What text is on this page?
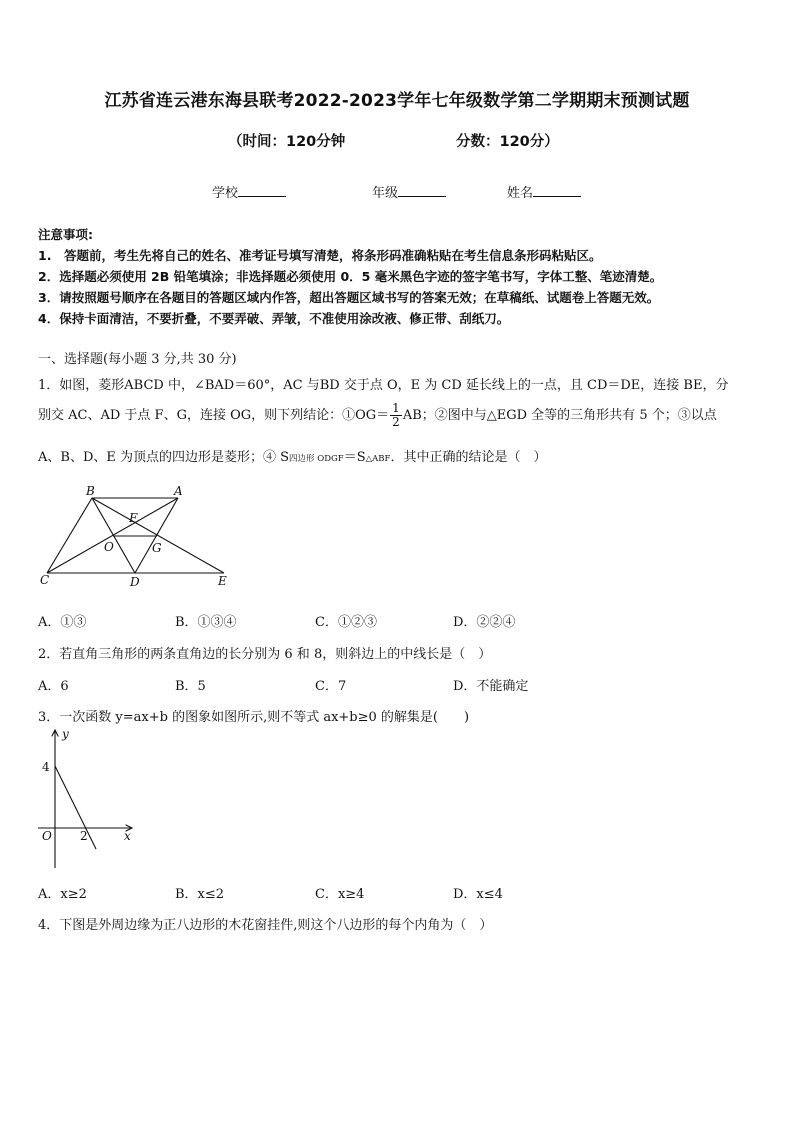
江苏省连云港东海县联考2022-2023学年七年级数学第二学期期末预测试题
（时间：120分钟	分数：120分）
学校	年级	姓名
注意事项:
1.　答题前，考生先将自己的姓名、准考证号填写清楚，将条形码准确粘贴在考生信息条形码粘贴区。
2．选择题必须使用 2B 铅笔填涂；非选择题必须使用 0．5 毫米黑色字迹的签字笔书写，字体工整、笔迹清楚。
3．请按照题号顺序在各题目的答题区域内作答，超出答题区域书写的答案无效；在草稿纸、试题卷上答题无效。
4．保持卡面清洁，不要折叠，不要弄破、弄皱，不准使用涂改液、修正带、刮纸刀。
一、选择题(每小题 3 分,共 30 分)
1．如图，菱形ABCD 中，∠BAD＝60°，AC 与BD 交于点 O，E 为 CD 延长线上的一点，且 CD＝DE，连接 BE，分
别交 AC、AD 于点 F、G，连接 OG，则下列结论：①OG＝ $\frac{1}{2}$ AB；②图中与△EGD 全等的三角形共有 5 个；③以点
A、B、D、E 为顶点的四边形是菱形；④ S四边形 ODGF＝S△ABF．其中正确的结论是（　）
B	A
F
O	G
C	D	E
A．①③	B．①③④	C．①②③	D．②②④
2．若直角三角形的两条直角边的长分别为 6 和 8，则斜边上的中线长是（　）
A．6	B．5	C．7	D．不能确定
3．一次函数 y=ax+b 的图象如图所示,则不等式 ax+b≥0 的解集是(　　)
y
x
O
4
2
A．x≥2	B．x≤2	C．x≥4	D．x≤4
4．下图是外周边缘为正八边形的木花窗挂件,则这个八边形的每个内角为（　）
